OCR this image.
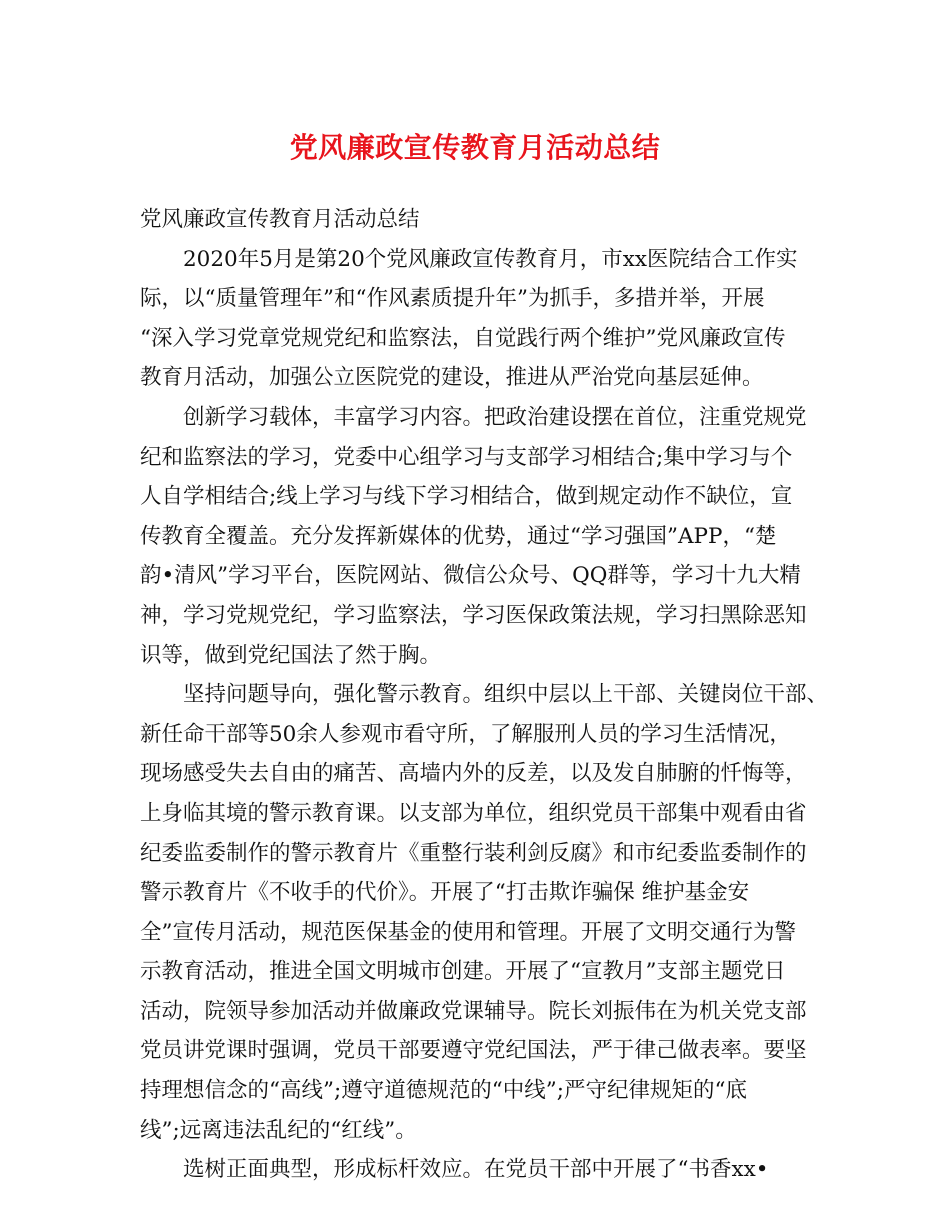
党风廉政宣传教育月活动总结
党风廉政宣传教育月活动总结
2020年5月是第20个党风廉政宣传教育月，市xx医院结合工作实
际，以“质量管理年”和“作风素质提升年”为抓手，多措并举，开展
“深入学习党章党规党纪和监察法，自觉践行两个维护”党风廉政宣传
教育月活动，加强公立医院党的建设，推进从严治党向基层延伸。
创新学习载体，丰富学习内容。把政治建设摆在首位，注重党规党
纪和监察法的学习，党委中心组学习与支部学习相结合;集中学习与个
人自学相结合;线上学习与线下学习相结合，做到规定动作不缺位，宣
传教育全覆盖。充分发挥新媒体的优势，通过“学习强国”APP，“楚
韵•清风”学习平台，医院网站、微信公众号、QQ群等，学习十九大精
神，学习党规党纪，学习监察法，学习医保政策法规，学习扫黑除恶知
识等，做到党纪国法了然于胸。
坚持问题导向，强化警示教育。组织中层以上干部、关键岗位干部、
新任命干部等50余人参观市看守所，了解服刑人员的学习生活情况，
现场感受失去自由的痛苦、高墙内外的反差，以及发自肺腑的忏悔等，
上身临其境的警示教育课。以支部为单位，组织党员干部集中观看由省
纪委监委制作的警示教育片《重整行装利剑反腐》和市纪委监委制作的
警示教育片《不收手的代价》。开展了“打击欺诈骗保 维护基金安
全”宣传月活动，规范医保基金的使用和管理。开展了文明交通行为警
示教育活动，推进全国文明城市创建。开展了“宣教月”支部主题党日
活动，院领导参加活动并做廉政党课辅导。院长刘振伟在为机关党支部
党员讲党课时强调，党员干部要遵守党纪国法，严于律己做表率。要坚
持理想信念的“高线”;遵守道德规范的“中线”;严守纪律规矩的“底
线”;远离违法乱纪的“红线”。
选树正面典型，形成标杆效应。在党员干部中开展了“书香xx•
